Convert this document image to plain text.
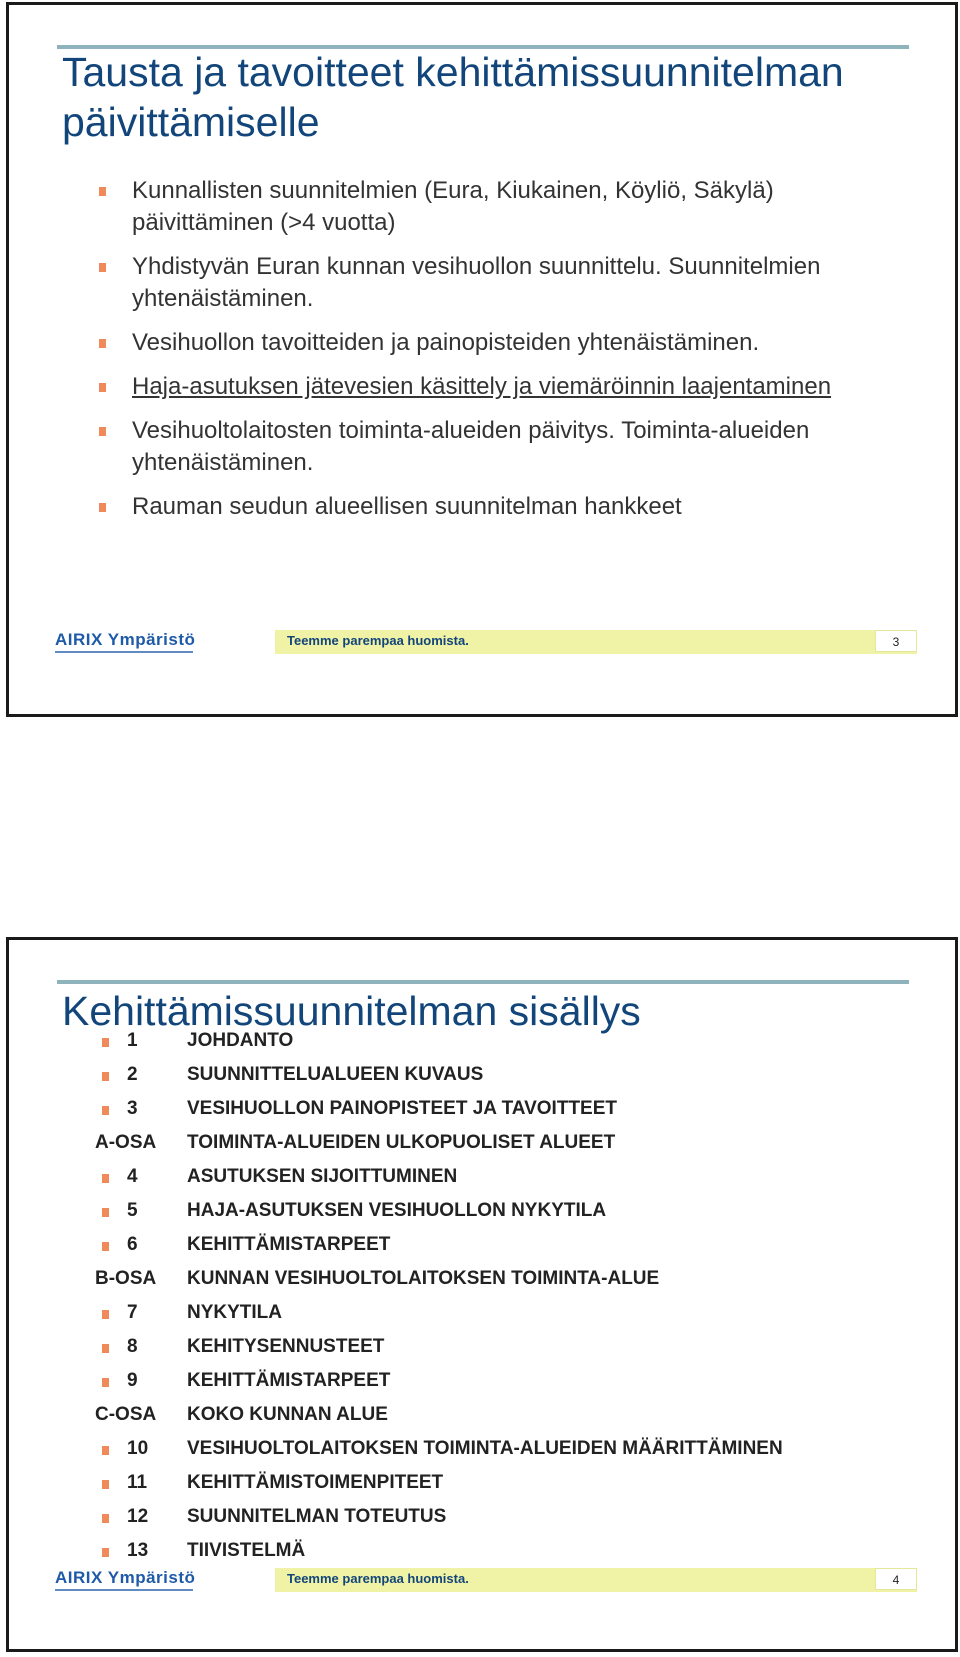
Tausta ja tavoitteet kehittämissuunnitelman päivittämiselle
Kunnallisten suunnitelmien (Eura, Kiukainen, Köyliö, Säkylä) päivittäminen (>4 vuotta)
Yhdistyvän Euran kunnan vesihuollon suunnittelu. Suunnitelmien yhtenäistäminen.
Vesihuollon tavoitteiden ja painopisteiden yhtenäistäminen.
Haja-asutuksen jätevesien käsittely ja viemäröinnin laajentaminen
Vesihuoltolaitosten toiminta-alueiden päivitys. Toiminta-alueiden yhtenäistäminen.
Rauman seudun alueellisen suunnitelman hankkeet
AIRIX Ympäristö	Teemme parempaa huomista.	3
Kehittämissuunnitelman sisällys
1	JOHDANTO
2	SUUNNITTELUALUEEN KUVAUS
3	VESIHUOLLON PAINOPISTEET JA TAVOITTEET
A-OSA TOIMINTA-ALUEIDEN ULKOPUOLISET ALUEET
4	ASUTUKSEN SIJOITTUMINEN
5	HAJA-ASUTUKSEN VESIHUOLLON NYKYTILA
6	KEHITTÄMISTARPEET
B-OSA KUNNAN VESIHUOLTOLAITOKSEN TOIMINTA-ALUE
7	NYKYTILA
8	KEHITYSENNUSTEET
9	KEHITTÄMISTARPEET
C-OSA KOKO KUNNAN ALUE
10 VESIHUOLTOLAITOKSEN TOIMINTA-ALUEIDEN MÄÄRITTÄMINEN
11 KEHITTÄMISTOIMENPITEET
12 SUUNNITELMAN TOTEUTUS
13 TIIVISTELMÄ
AIRIX Ympäristö	Teemme parempaa huomista.	4
